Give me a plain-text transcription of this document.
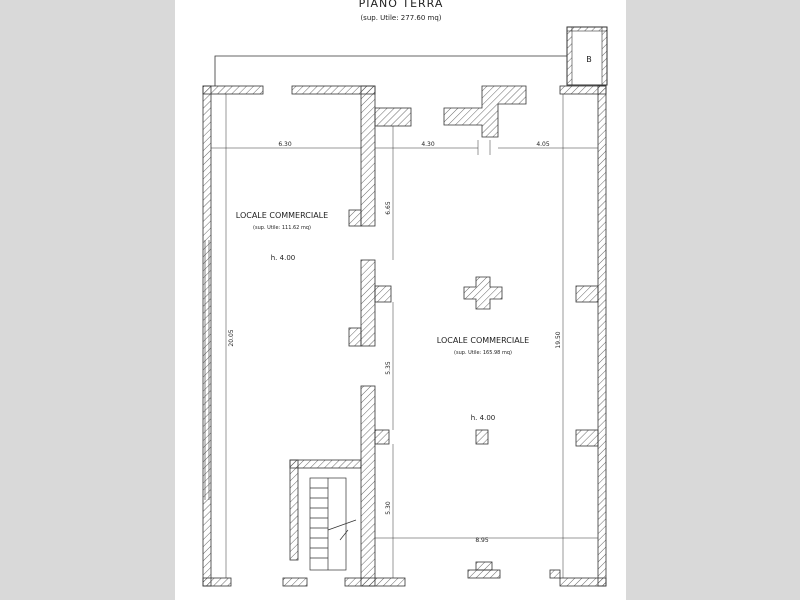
PIANO TERRA
(sup. Utile: 277.60 mq)
B
6.30	4.30	4.05
20.05	19.50
6.65
5.35
5.30
8.95
LOCALE COMMERCIALE
(sup. Utile: 111.62 mq)
h. 4.00
LOCALE COMMERCIALE
(sup. Utile: 165.98 mq)
h. 4.00
